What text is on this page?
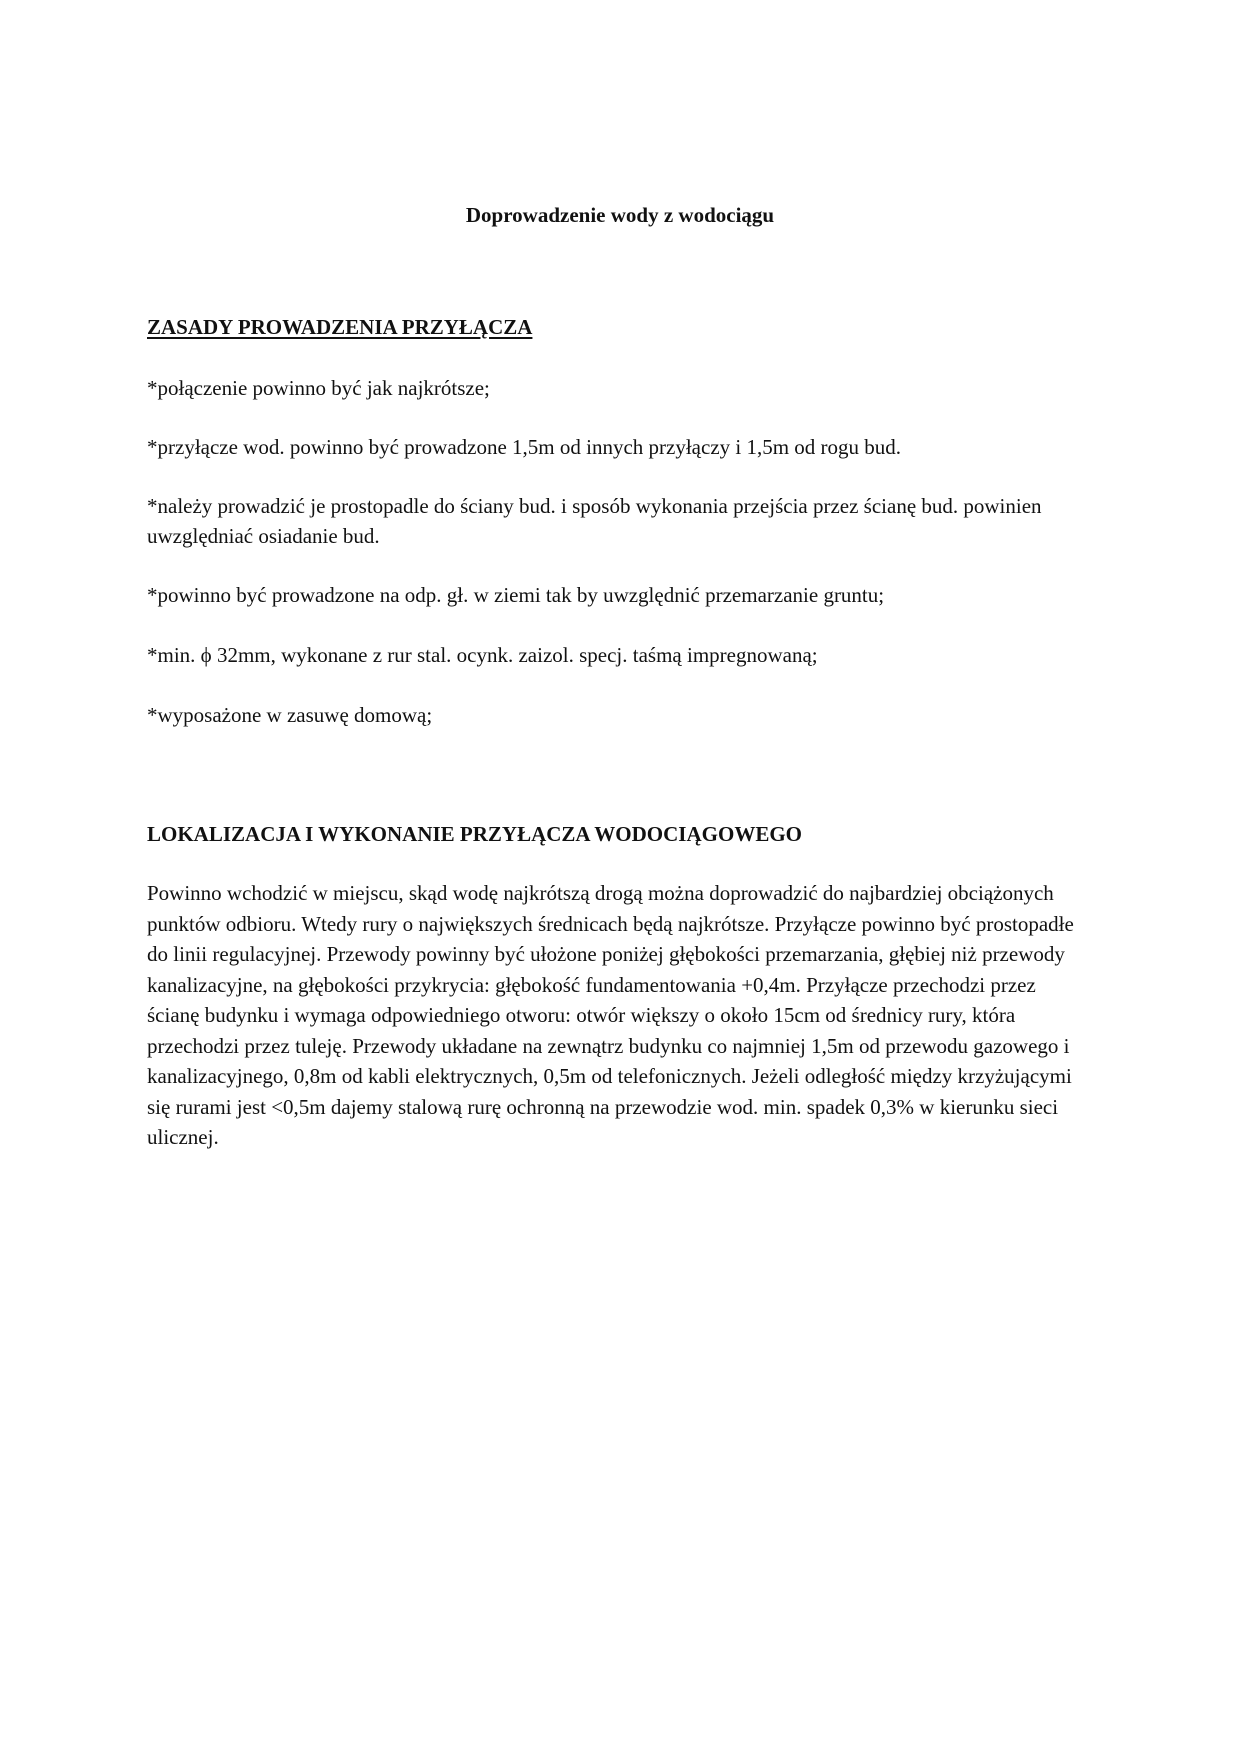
Doprowadzenie wody z wodociągu
ZASADY PROWADZENIA PRZYŁĄCZA

*połączenie powinno być jak najkrótsze;

*przyłącze wod. powinno być prowadzone 1,5m od innych przyłączy i 1,5m od rogu bud.

*należy prowadzić je prostopadle do ściany bud. i sposób wykonania przejścia przez ścianę bud. powinien uwzględniać osiadanie bud.

*powinno być prowadzone na odp. gł. w ziemi tak by uwzględnić przemarzanie gruntu;

*min. ϕ 32mm, wykonane z rur stal. ocynk. zaizol. specj. taśmą impregnowaną;

*wyposażone w zasuwę domową;

LOKALIZACJA I WYKONANIE PRZYŁĄCZA WODOCIĄGOWEGO

Powinno wchodzić w miejscu, skąd wodę najkrótszą drogą można doprowadzić do najbardziej obciążonych punktów odbioru. Wtedy rury o największych średnicach będą najkrótsze. Przyłącze powinno być prostopadłe do linii regulacyjnej. Przewody powinny być ułożone poniżej głębokości przemarzania, głębiej niż przewody kanalizacyjne, na głębokości przykrycia: głębokość fundamentowania +0,4m. Przyłącze przechodzi przez ścianę budynku i wymaga odpowiedniego otworu: otwór większy o około 15cm od średnicy rury, która przechodzi przez tuleję. Przewody układane na zewnątrz budynku co najmniej 1,5m od przewodu gazowego i kanalizacyjnego, 0,8m od kabli elektrycznych, 0,5m od telefonicznych. Jeżeli odległość między krzyżującymi się rurami jest <0,5m dajemy stalową rurę ochronną na przewodzie wod. min. spadek 0,3% w kierunku sieci ulicznej.
